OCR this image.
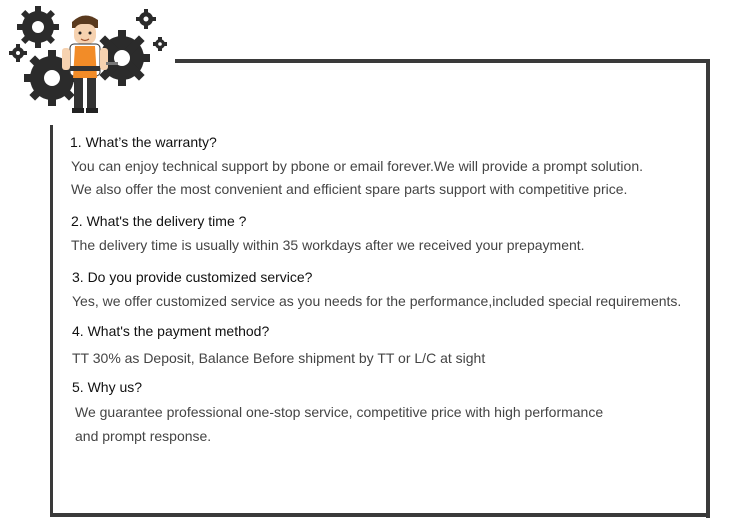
1. What’s the warranty?
You can enjoy technical support by pbone or email forever.We will provide a prompt solution.
We also offer the most convenient and efficient spare parts support with competitive price.
2. What's the delivery time ?
The delivery time is usually within 35 workdays after we received your prepayment.
3. Do you provide customized service?
Yes, we offer customized service as you needs for the performance,included special requirements.
4. What's the payment method?
TT 30% as Deposit, Balance Before shipment by TT or L/C at sight
5. Why us?
We guarantee professional one-stop service, competitive price with high performance
and prompt response.
